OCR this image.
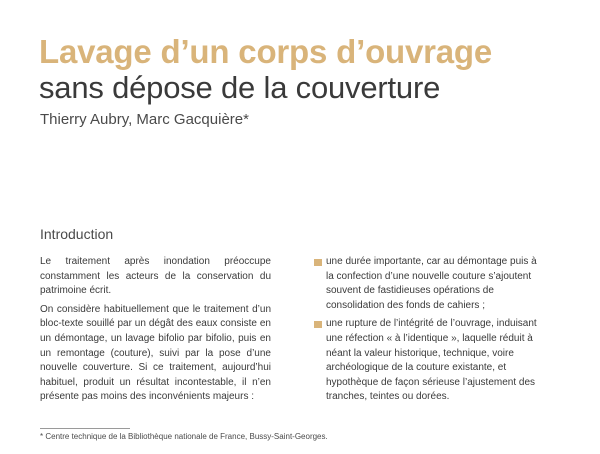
Lavage d’un corps d’ouvrage
sans dépose de la couverture

Thierry Aubry, Marc Gacquière*

Introduction

Le traitement après inondation préoccupe constamment les acteurs de la conservation du patrimoine écrit.

On considère habituellement que le traitement d’un bloc-texte souillé par un dégât des eaux consiste en un démontage, un lavage bifolio par bifolio, puis en un remontage (couture), suivi par la pose d’une nouvelle couverture. Si ce traitement, aujourd’hui habituel, produit un résultat incontestable, il n’en présente pas moins des inconvénients majeurs :

une durée importante, car au démontage puis à la confection d’une nouvelle couture s’ajoutent souvent de fastidieuses opérations de consolidation des fonds de cahiers ;
une rupture de l’intégrité de l’ouvrage, induisant une réfection « à l’identique », laquelle réduit à néant la valeur historique, technique, voire archéologique de la couture existante, et hypothèque de façon sérieuse l’ajustement des tranches, teintes ou dorées.

* Centre technique de la Bibliothèque nationale de France, Bussy-Saint-Georges.
